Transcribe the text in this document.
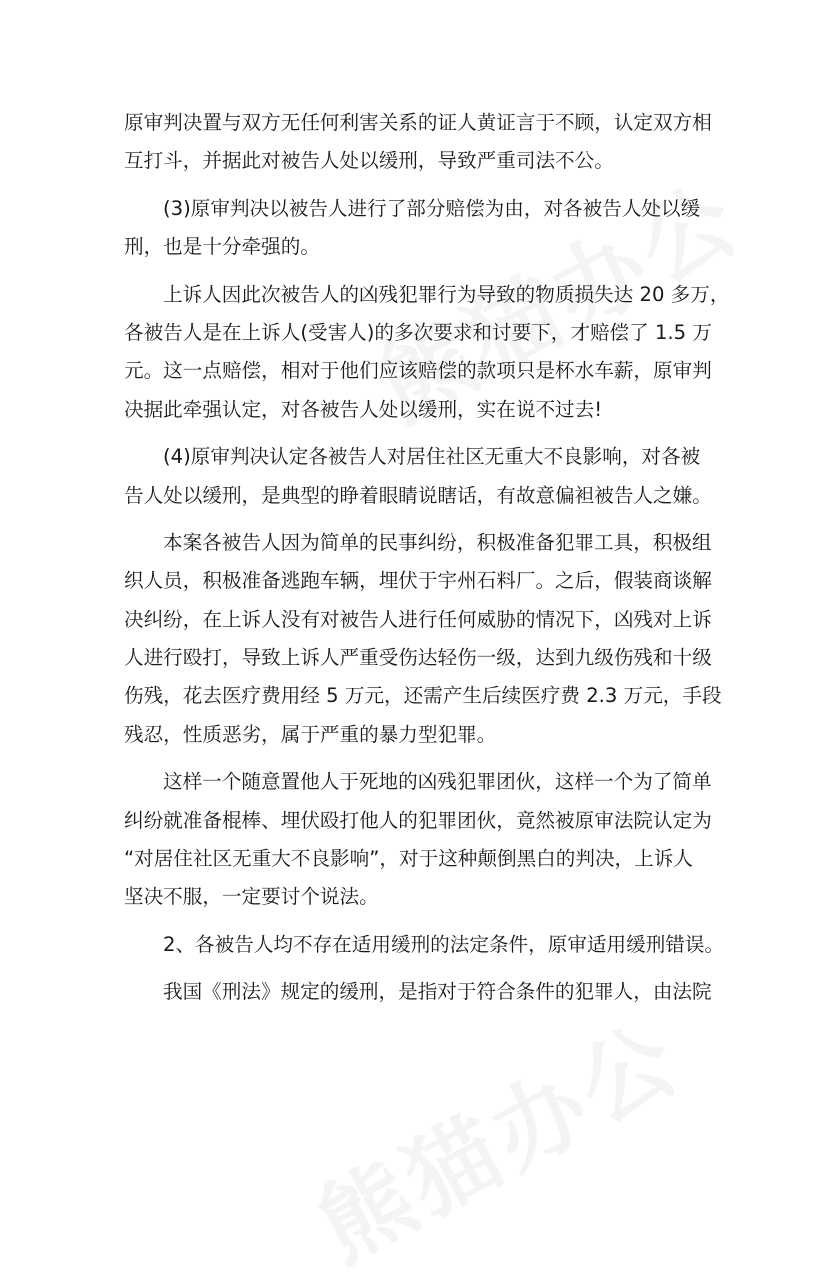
原审判决置与双方无任何利害关系的证人黄证言于不顾，认定双方相
互打斗，并据此对被告人处以缓刑，导致严重司法不公。
(3)原审判决以被告人进行了部分赔偿为由，对各被告人处以缓
刑，也是十分牵强的。
上诉人因此次被告人的凶残犯罪行为导致的物质损失达 20 多万，
各被告人是在上诉人(受害人)的多次要求和讨要下，才赔偿了 1.5 万
元。这一点赔偿，相对于他们应该赔偿的款项只是杯水车薪，原审判
决据此牵强认定，对各被告人处以缓刑，实在说不过去!
(4)原审判决认定各被告人对居住社区无重大不良影响，对各被
告人处以缓刑，是典型的睁着眼睛说瞎话，有故意偏袒被告人之嫌。
本案各被告人因为简单的民事纠纷，积极准备犯罪工具，积极组
织人员，积极准备逃跑车辆，埋伏于宇州石料厂。之后，假装商谈解
决纠纷，在上诉人没有对被告人进行任何威胁的情况下，凶残对上诉
人进行殴打，导致上诉人严重受伤达轻伤一级，达到九级伤残和十级
伤残，花去医疗费用经 5 万元，还需产生后续医疗费 2.3 万元，手段
残忍，性质恶劣，属于严重的暴力型犯罪。
这样一个随意置他人于死地的凶残犯罪团伙，这样一个为了简单
纠纷就准备棍棒、埋伏殴打他人的犯罪团伙，竟然被原审法院认定为
“对居住社区无重大不良影响”，对于这种颠倒黑白的判决，上诉人
坚决不服，一定要讨个说法。
2、各被告人均不存在适用缓刑的法定条件，原审适用缓刑错误。
我国《刑法》规定的缓刑，是指对于符合条件的犯罪人，由法院
